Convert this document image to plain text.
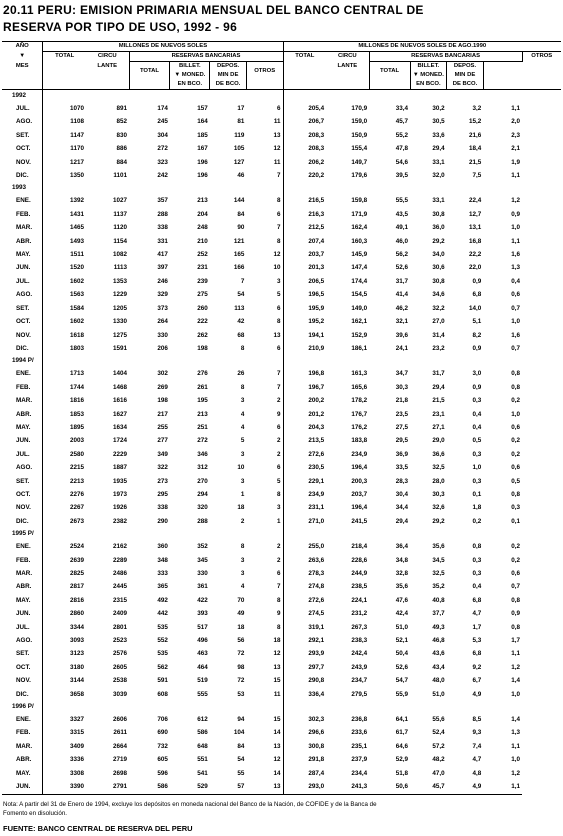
20.11 PERU: EMISION PRIMARIA MENSUAL DEL BANCO CENTRAL DE
RESERVA POR TIPO DE USO, 1992 - 96
AÑO	MILLONES DE NUEVOS SOLES						MILLONES DE NUEVOS SOLES DE AGO.1990						
▼	TOTAL	CIRCU	RESERVAS BANCARIAS				TOTAL	CIRCU	RESERVAS BANCARIAS				OTROS
MES		LANTE	TOTAL	BILLET.	DEPOS.	OTROS		LANTE	TOTAL	BILLET.	DEPOS.		
				▼ MONED.	MIN DE					▼ MONED.	MIN DE		
				EN BCO.	DE BCO.					EN BCO.	DE BCO.		
1992													
JUL.	1070	891	174	157	17	6	205,4	170,9	33,4	30,2	3,2	1,1	
AGO.	1108	852	245	164	81	11	206,7	159,0	45,7	30,5	15,2	2,0	
SET.	1147	830	304	185	119	13	208,3	150,9	55,2	33,6	21,6	2,3	
OCT.	1170	886	272	167	105	12	208,3	155,4	47,8	29,4	18,4	2,1	
NOV.	1217	884	323	196	127	11	206,2	149,7	54,6	33,1	21,5	1,9	
DIC.	1350	1101	242	196	46	7	220,2	179,6	39,5	32,0	7,5	1,1	
1993													
ENE.	1392	1027	357	213	144	8	216,5	159,8	55,5	33,1	22,4	1,2	
FEB.	1431	1137	288	204	84	6	216,3	171,9	43,5	30,8	12,7	0,9	
MAR.	1465	1120	338	248	90	7	212,5	162,4	49,1	36,0	13,1	1,0	
ABR.	1493	1154	331	210	121	8	207,4	160,3	46,0	29,2	16,8	1,1	
MAY.	1511	1082	417	252	165	12	203,7	145,9	56,2	34,0	22,2	1,6	
JUN.	1520	1113	397	231	166	10	201,3	147,4	52,6	30,6	22,0	1,3	
JUL.	1602	1353	246	239	7	3	206,5	174,4	31,7	30,8	0,9	0,4	
AGO.	1563	1229	329	275	54	5	196,5	154,5	41,4	34,6	6,8	0,6	
SET.	1584	1205	373	260	113	6	195,9	149,0	46,2	32,2	14,0	0,7	
OCT.	1602	1330	264	222	42	8	195,2	162,1	32,1	27,0	5,1	1,0	
NOV.	1618	1275	330	262	68	13	194,1	152,9	39,6	31,4	8,2	1,6	
DIC.	1803	1591	206	198	8	6	210,9	186,1	24,1	23,2	0,9	0,7	
1994 P/													
ENE.	1713	1404	302	276	26	7	196,8	161,3	34,7	31,7	3,0	0,8	
FEB.	1744	1468	269	261	8	7	196,7	165,6	30,3	29,4	0,9	0,8	
MAR.	1816	1616	198	195	3	2	200,2	178,2	21,8	21,5	0,3	0,2	
ABR.	1853	1627	217	213	4	9	201,2	176,7	23,5	23,1	0,4	1,0	
MAY.	1895	1634	255	251	4	6	204,3	176,2	27,5	27,1	0,4	0,6	
JUN.	2003	1724	277	272	5	2	213,5	183,8	29,5	29,0	0,5	0,2	
JUL.	2580	2229	349	346	3	2	272,6	234,9	36,9	36,6	0,3	0,2	
AGO.	2215	1887	322	312	10	6	230,5	196,4	33,5	32,5	1,0	0,6	
SET.	2213	1935	273	270	3	5	229,1	200,3	28,3	28,0	0,3	0,5	
OCT.	2276	1973	295	294	1	8	234,9	203,7	30,4	30,3	0,1	0,8	
NOV.	2267	1926	338	320	18	3	231,1	196,4	34,4	32,6	1,8	0,3	
DIC.	2673	2382	290	288	2	1	271,0	241,5	29,4	29,2	0,2	0,1	
1995 P/													
ENE.	2524	2162	360	352	8	2	255,0	218,4	36,4	35,6	0,8	0,2	
FEB.	2639	2289	348	345	3	2	263,6	228,6	34,8	34,5	0,3	0,2	
MAR.	2825	2486	333	330	3	6	278,3	244,9	32,8	32,5	0,3	0,6	
ABR.	2817	2445	365	361	4	7	274,8	238,5	35,6	35,2	0,4	0,7	
MAY.	2816	2315	492	422	70	8	272,6	224,1	47,6	40,8	6,8	0,8	
JUN.	2860	2409	442	393	49	9	274,5	231,2	42,4	37,7	4,7	0,9	
JUL.	3344	2801	535	517	18	8	319,1	267,3	51,0	49,3	1,7	0,8	
AGO.	3093	2523	552	496	56	18	292,1	238,3	52,1	46,8	5,3	1,7	
SET.	3123	2576	535	463	72	12	293,9	242,4	50,4	43,6	6,8	1,1	
OCT.	3180	2605	562	464	98	13	297,7	243,9	52,6	43,4	9,2	1,2	
NOV.	3144	2538	591	519	72	15	290,8	234,7	54,7	48,0	6,7	1,4	
DIC.	3658	3039	608	555	53	11	336,4	279,5	55,9	51,0	4,9	1,0	
1996 P/													
ENE.	3327	2606	706	612	94	15	302,3	236,8	64,1	55,6	8,5	1,4	
FEB.	3315	2611	690	586	104	14	296,6	233,6	61,7	52,4	9,3	1,3	
MAR.	3409	2664	732	648	84	13	300,8	235,1	64,6	57,2	7,4	1,1	
ABR.	3336	2719	605	551	54	12	291,8	237,9	52,9	48,2	4,7	1,0	
MAY.	3308	2698	596	541	55	14	287,4	234,4	51,8	47,0	4,8	1,2	
JUN.	3390	2791	586	529	57	13	293,0	241,3	50,6	45,7	4,9	1,1	
Nota: A partir del 31 de Enero de 1994, excluye los depósitos en moneda nacional del Banco de la Nación, de COFIDE y de la Banca de
Fomento en disolución.
FUENTE: BANCO CENTRAL DE RESERVA DEL PERU
